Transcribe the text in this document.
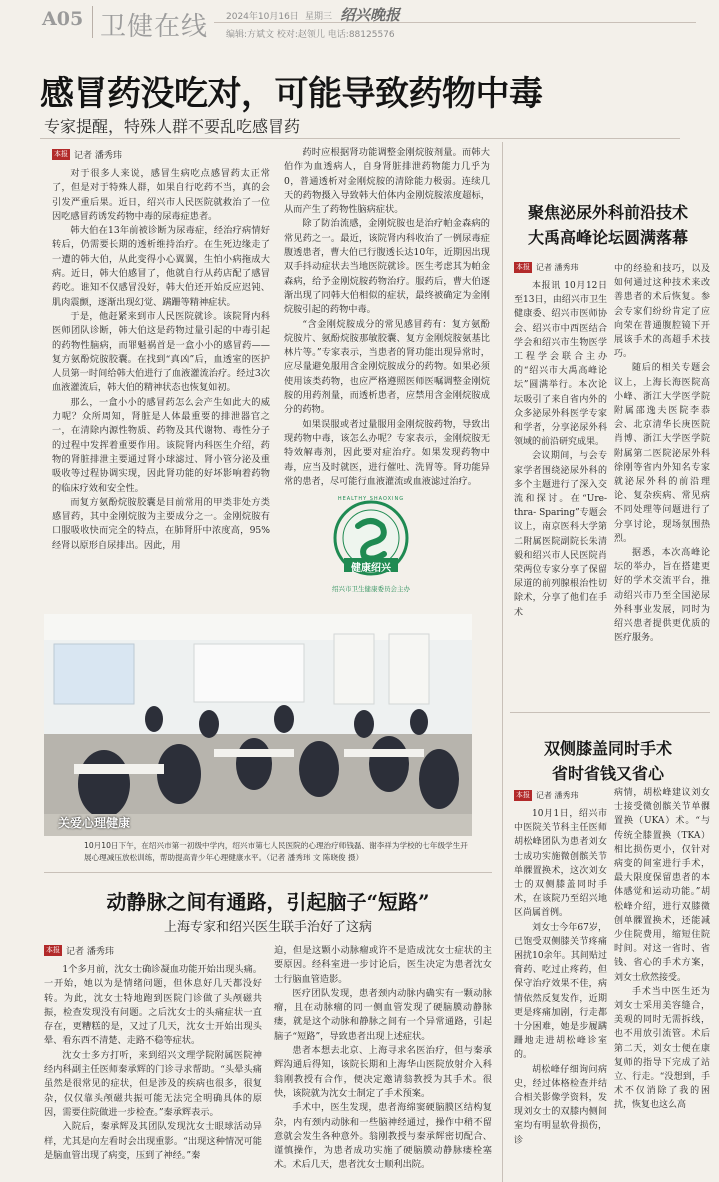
A05 卫健在线 2024年10月16日 星期三 绍兴晚报
编辑:方斌文 校对:赵领儿 电话:88125576
感冒药没吃对，可能导致药物中毒
专家提醒，特殊人群不要乱吃感冒药
本报 记者 潘秀玮

对于很多人来说，感冒生病吃点感冒药太正常了，但是对于特殊人群，如果自行吃药不当，真的会引发严重后果。近日，绍兴市人民医院就救治了一位因吃感冒药诱发药物中毒的尿毒症患者。

韩大伯在13年前被诊断为尿毒症，经治疗病情好转后，仍需要长期的透析维持治疗。在生死边缘走了一遭的韩大伯，从此变得小心翼翼，生怕小病拖成大病。近日，韩大伯感冒了，他就自行从药店配了感冒药吃。谁知不仅感冒没好，韩大伯还开始反应迟钝、肌肉震颤，逐渐出现幻觉、蹒跚等精神症状。

于是，他赶紧来到市人民医院就诊。该院肾内科医师团队诊断，韩大伯这是药物过量引起的中毒引起的药物性脑病，而罪魁祸首是一盒小小的感冒药——复方氨酚烷胺胶囊。在找到“真凶”后，血透室的医护人员第一时间给韩大伯进行了血液灌流治疗。经过3次血液灌流后，韩大伯的精神状态也恢复如初。

那么，一盒小小的感冒药怎么会产生如此大的威力呢？众所周知，肾脏是人体最重要的排泄器官之一，在清除内源性物质、药物及其代谢物、毒性分子的过程中发挥着重要作用。该院肾内科医生介绍，药物的肾脏排泄主要通过肾小球滤过、肾小管分泌及重吸收等过程协调实现，因此肾功能的好坏影响着药物的临床疗效和安全性。

而复方氨酚烷胺胶囊是目前常用的甲类非处方类感冒药，其中金刚烷胺为主要成分之一。金刚烷胺有口服吸收快而完全的特点，在肺肾肝中浓度高，95%经肾以原形自尿排出。因此，用

药时应根据肾功能调整金刚烷胺剂量。而韩大伯作为血透病人，自身肾脏排泄药物能力几乎为0，普通透析对金刚烷胺的清除能力极弱。连续几天的药物摄入导致韩大伯体内金刚烷胺浓度超标，从而产生了药物性脑病症状。

除了防治流感，金刚烷胺也是治疗帕金森病的常见药之一。最近，该院肾内科收治了一例尿毒症腹透患者，曹大伯已行腹透长达10年，近期因出现双手抖动症状去当地医院就诊。医生考虑其为帕金森病，给予金刚烷胺药物治疗。服药后，曹大伯逐渐出现了同韩大伯相似的症状，最终被确定为金刚烷胺引起的药物中毒。

“含金刚烷胺成分的常见感冒药有：复方氨酚烷胺片、氨酚烷胺那敏胶囊、复方金刚烷胺氨基比林片等。”专家表示，当患者的肾功能出现异常时，应尽量避免服用含金刚烷胺成分的药物。如果必须使用该类药物，也应严格遵照医师医嘱调整金刚烷胺的用药剂量，而透析患者，应禁用含金刚烷胺成分的药物。

如果误服或者过量服用金刚烷胺药物，导致出现药物中毒，该怎么办呢？专家表示，金刚烷胺无特效解毒剂，因此要对症治疗。如果发现药物中毒，应当及时就医，进行催吐、洗胃等。肾功能异常的患者，尽可能行血液灌流或血液滤过治疗。

HEALTHY SHAOXING
健康绍兴
绍兴市卫生健康委员会主办
关爱心理健康
10月10日下午，在绍兴市第一初级中学内，绍兴市第七人民医院的心理治疗师钱磊、谢李祥为学校的七年级学生开展心理减压放松训练，帮助提高青少年心理健康水平。（记者 潘秀玮 文 陈晓俊 摄）
聚焦泌尿外科前沿技术
大禹高峰论坛圆满落幕
本报 记者 潘秀玮

本报讯 10月12日至13日，由绍兴市卫生健康委、绍兴市医师协会、绍兴市中西医结合学会和绍兴市生物医学工程学会联合主办的“绍兴市大禹高峰论坛”圆满举行。本次论坛吸引了来自省内外的众多泌尿外科医学专家和学者，分享泌尿外科领域的前沿研究成果。

会议期间，与会专家学者围绕泌尿外科的多个主题进行了深入交流和探讨。在“Ure-thra- Sparing”专题会议上，南京医科大学第二附属医院副院长朱清毅和绍兴市人民医院肖荣两位专家分享了保留尿道的前列腺根治性切除术，分享了他们在手术

中的经验和技巧，以及如何通过这种技术来改善患者的术后恢复。参会专家们纷纷肯定了应向荣在普通腹腔镜下开展该手术的高超手术技巧。

随后的相关专题会议上，上海长海医院高小峰、浙江大学医学院附属邵逸夫医院李恭会、北京清华长庚医院肖博、浙江大学医学院附属第二医院泌尿外科徐刚等省内外知名专家就泌尿外科的前沿理论、复杂疾病、常见病不同处理等问题进行了分享讨论，现场氛围热烈。

据悉，本次高峰论坛的举办，旨在搭建更好的学术交流平台，推动绍兴市乃至全国泌尿外科事业发展，同时为绍兴患者提供更优质的医疗服务。

双侧膝盖同时手术
省时省钱又省心
本报 记者 潘秀玮

10月1日，绍兴市中医院关节科主任医师胡松峰团队为患者刘女士成功实施微创髌关节单髁置换术，这次刘女士的双侧膝盖同时手术，在该院乃至绍兴地区尚属首例。

刘女士今年67岁，已饱受双侧膝关节疼痛困扰10余年。其间贴过膏药、吃过止疼药，但保守治疗效果不佳，病情依然反复发作，近期更是疼痛加剧，行走都十分困难，她是步履蹒跚地走进胡松峰诊室的。

胡松峰仔细询问病史，经过体格检查并结合相关影像学资料，发现刘女士的双膝内侧间室均有明显软骨损伤，诊

病情，胡松峰建议刘女士接受微创髌关节单髁置换（UKA）术。“与传统全膝置换（TKA）相比损伤更小，仅针对病变的间室进行手术，最大限度保留患者的本体感觉和运动功能。”胡松峰介绍，进行双膝微创单髁置换术，还能减少住院费用，缩短住院时间。对这一省时、省钱、省心的手术方案，刘女士欣然接受。

手术当中医生还为刘女士采用美容缝合，美观的同时无需拆线，也不用放引流管。术后第二天，刘女士便在康复师的指导下完成了站立、行走。“没想到，手术不仅消除了我的困扰，恢复也这么高

动静脉之间有通路，引起脑子“短路”
上海专家和绍兴医生联手治好了这病
本报 记者 潘秀玮

1个多月前，沈女士确诊凝血功能开始出现头痛。一开始，她以为是情绪问题，但休息好几天都没好转。为此，沈女士特地跑到医院门诊做了头颅磁共振，检查发现没有问题。之后沈女士的头痛症状一直存在，更糟糕的是，又过了几天，沈女士开始出现头晕、看东西不清楚、走路不稳等症状。

沈女士多方打听，来到绍兴文理学院附属医院神经内科副主任医师秦承辉的门诊寻求帮助。“头晕头痛虽然是很常见的症状，但是涉及的疾病也很多，很复杂，仅仅靠头颅磁共振可能无法完全明确具体的原因，需要住院做进一步检查。”秦承辉表示。

入院后，秦承辉及其团队发现沈女士眼球活动异样，尤其是向左看时会出现重影。“出现这种情况可能是脑血管出现了病变，压到了神经。”秦

迫，但是这颗小动脉瘤或许不是造成沈女士症状的主要原因。经科室进一步讨论后，医生决定为患者沈女士行脑血管造影。

医疗团队发现，患者颈内动脉内确实有一颗动脉瘤，且在动脉瘤的同一侧血管发现了硬脑膜动静脉瘘，就是这个动脉和静脉之间有一个异常通路，引起脑子“短路”，导致患者出现上述症状。

患者本想去北京、上海寻求名医治疗，但与秦承辉沟通后得知，该院长期和上海华山医院放射介入科翁刚教授有合作，便决定邀请翁教授为其手术。很快，该院就为沈女士制定了手术预案。

手术中，医生发现，患者海绵窦硬脑膜区结构复杂，内有颈内动脉和一些脑神经通过，操作中稍不留意就会发生各种意外。翁刚教授与秦承辉密切配合、谨慎操作，为患者成功实施了硬脑膜动静脉瘘栓塞术。术后几天，患者沈女士顺利出院。
